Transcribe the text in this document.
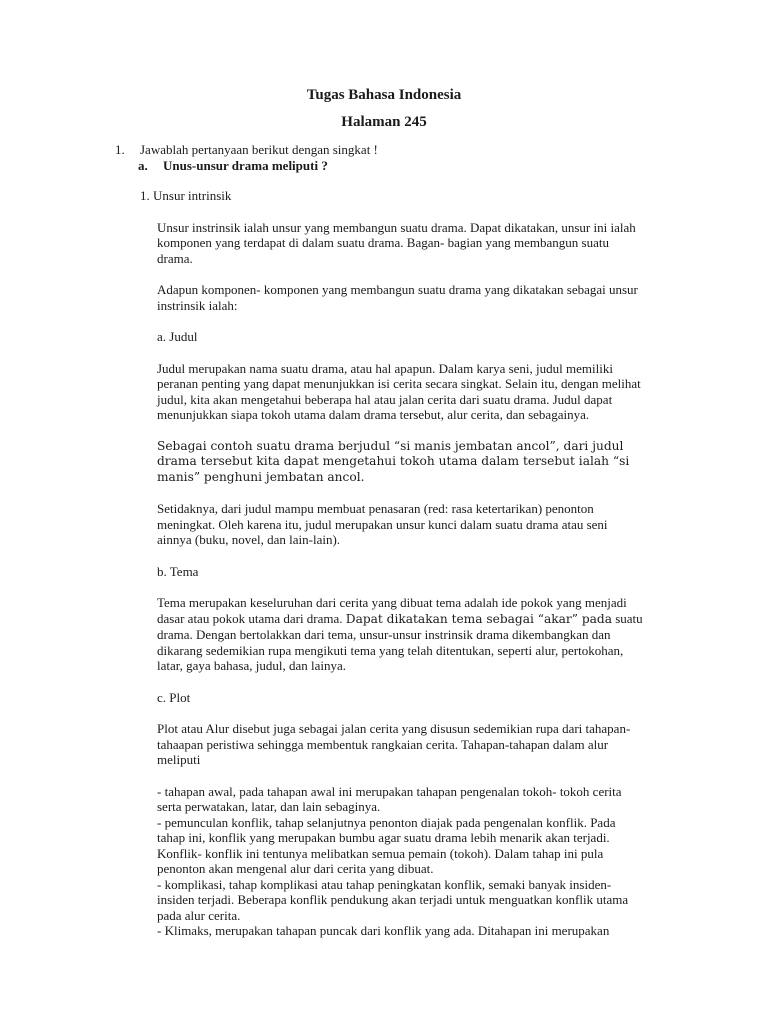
Tugas Bahasa Indonesia
Halaman 245
1.	Jawablah pertanyaan berikut dengan singkat !
a.	Unus-unsur drama meliputi ?
1. Unsur intrinsik

Unsur instrinsik ialah unsur yang membangun suatu drama. Dapat dikatakan, unsur ini ialah komponen yang terdapat di dalam suatu drama. Bagan- bagian yang membangun suatu drama.

Adapun komponen- komponen yang membangun suatu drama yang dikatakan sebagai unsur instrinsik ialah:

a. Judul

Judul merupakan nama suatu drama, atau hal apapun. Dalam karya seni, judul memiliki peranan penting yang dapat menunjukkan isi cerita secara singkat. Selain itu, dengan melihat judul, kita akan mengetahui beberapa hal atau jalan cerita dari suatu drama. Judul dapat menunjukkan siapa tokoh utama dalam drama tersebut, alur cerita, dan sebagainya.

Sebagai contoh suatu drama berjudul “si manis jembatan ancol”, dari judul drama tersebut kita dapat mengetahui tokoh utama dalam tersebut ialah “si manis” penghuni jembatan ancol.

Setidaknya, dari judul mampu membuat penasaran (red: rasa ketertarikan) penonton meningkat. Oleh karena itu, judul merupakan unsur kunci dalam suatu drama atau seni ainnya (buku, novel, dan lain-lain).

b. Tema

Tema merupakan keseluruhan dari cerita yang dibuat tema adalah ide pokok yang menjadi dasar atau pokok utama dari drama. Dapat dikatakan tema sebagai “akar” pada suatu drama. Dengan bertolakkan dari tema, unsur-unsur instrinsik drama dikembangkan dan dikarang sedemikian rupa mengikuti tema yang telah ditentukan, seperti alur, pertokohan, latar, gaya bahasa, judul, dan lainya.

c. Plot

Plot atau Alur disebut juga sebagai jalan cerita yang disusun sedemikian rupa dari tahapan-tahaapan peristiwa sehingga membentuk rangkaian cerita. Tahapan-tahapan dalam alur meliputi

- tahapan awal, pada tahapan awal ini merupakan tahapan pengenalan tokoh- tokoh cerita serta perwatakan, latar, dan lain sebaginya.

- pemunculan konflik, tahap selanjutnya penonton diajak pada pengenalan konflik. Pada tahap ini, konflik yang merupakan bumbu agar suatu drama lebih menarik akan terjadi. Konflik- konflik ini tentunya melibatkan semua pemain (tokoh). Dalam tahap ini pula penonton akan mengenal alur dari cerita yang dibuat.

- komplikasi, tahap komplikasi atau tahap peningkatan konflik, semaki banyak insiden- insiden terjadi. Beberapa konflik pendukung akan terjadi untuk menguatkan konflik utama pada alur cerita.

- Klimaks, merupakan tahapan puncak dari konflik yang ada. Ditahapan ini merupakan
